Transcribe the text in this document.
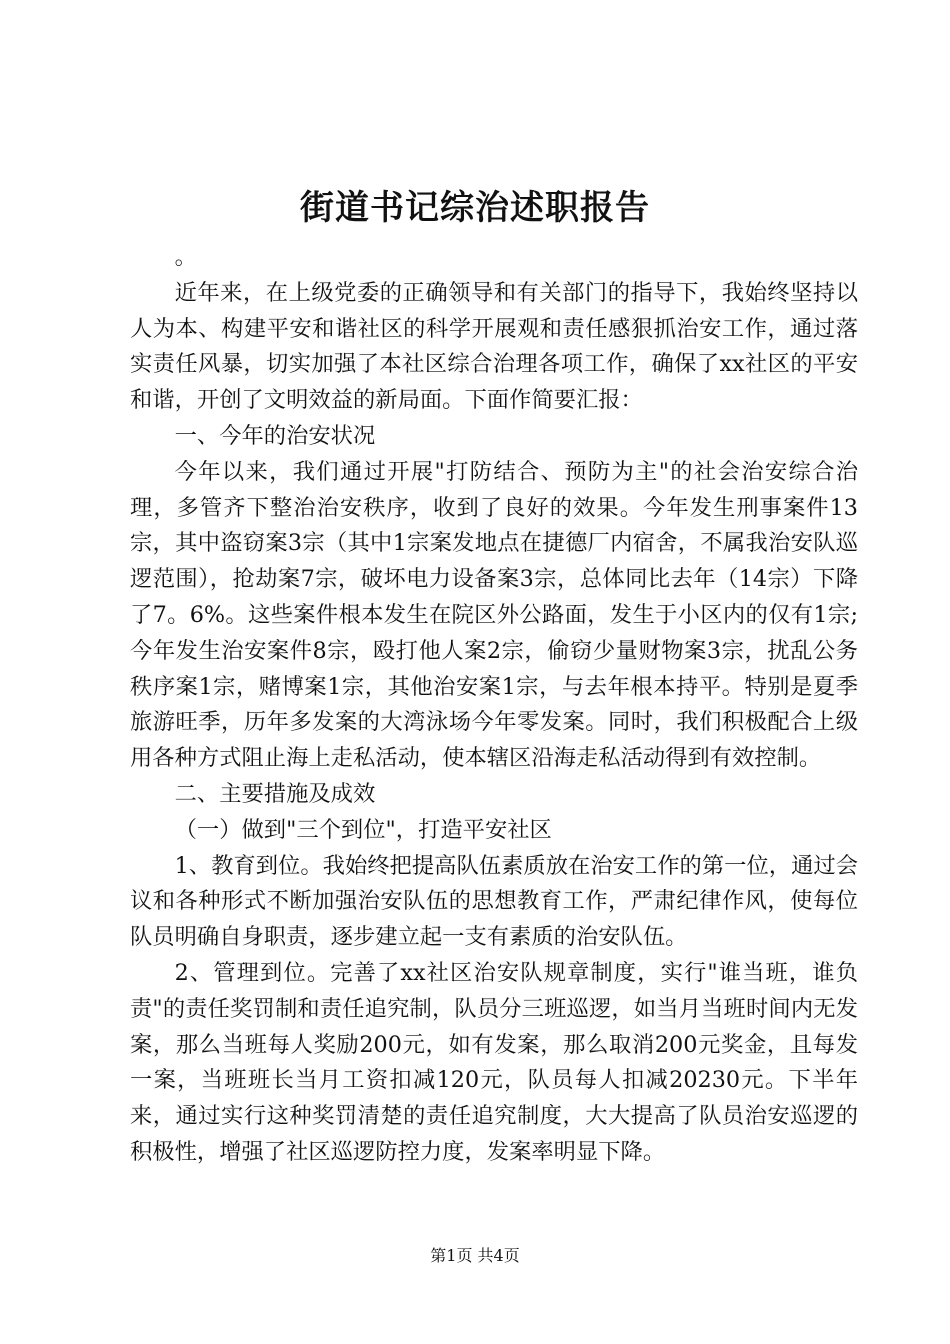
街道书记综治述职报告

。

近年来，在上级党委的正确领导和有关部门的指导下，我始终坚持以人为本、构建平安和谐社区的科学开展观和责任感狠抓治安工作，通过落实责任风暴，切实加强了本社区综合治理各项工作，确保了xx社区的平安和谐，开创了文明效益的新局面。下面作简要汇报：

一、今年的治安状况

今年以来，我们通过开展"打防结合、预防为主"的社会治安综合治理，多管齐下整治治安秩序，收到了良好的效果。今年发生刑事案件13宗，其中盗窃案3宗（其中1宗案发地点在捷德厂内宿舍，不属我治安队巡逻范围），抢劫案7宗，破坏电力设备案3宗，总体同比去年（14宗）下降了7。6%。这些案件根本发生在院区外公路面，发生于小区内的仅有1宗;今年发生治安案件8宗，殴打他人案2宗，偷窃少量财物案3宗，扰乱公务秩序案1宗，赌博案1宗，其他治安案1宗，与去年根本持平。特别是夏季旅游旺季，历年多发案的大湾泳场今年零发案。同时，我们积极配合上级用各种方式阻止海上走私活动，使本辖区沿海走私活动得到有效控制。

二、主要措施及成效

（一）做到"三个到位"，打造平安社区

1、教育到位。我始终把提高队伍素质放在治安工作的第一位，通过会议和各种形式不断加强治安队伍的思想教育工作，严肃纪律作风，使每位队员明确自身职责，逐步建立起一支有素质的治安队伍。

2、管理到位。完善了xx社区治安队规章制度，实行"谁当班，谁负责"的责任奖罚制和责任追究制，队员分三班巡逻，如当月当班时间内无发案，那么当班每人奖励200元，如有发案，那么取消200元奖金，且每发一案，当班班长当月工资扣减120元，队员每人扣减20230元。下半年来，通过实行这种奖罚清楚的责任追究制度，大大提高了队员治安巡逻的积极性，增强了社区巡逻防控力度，发案率明显下降。

第1页 共4页
